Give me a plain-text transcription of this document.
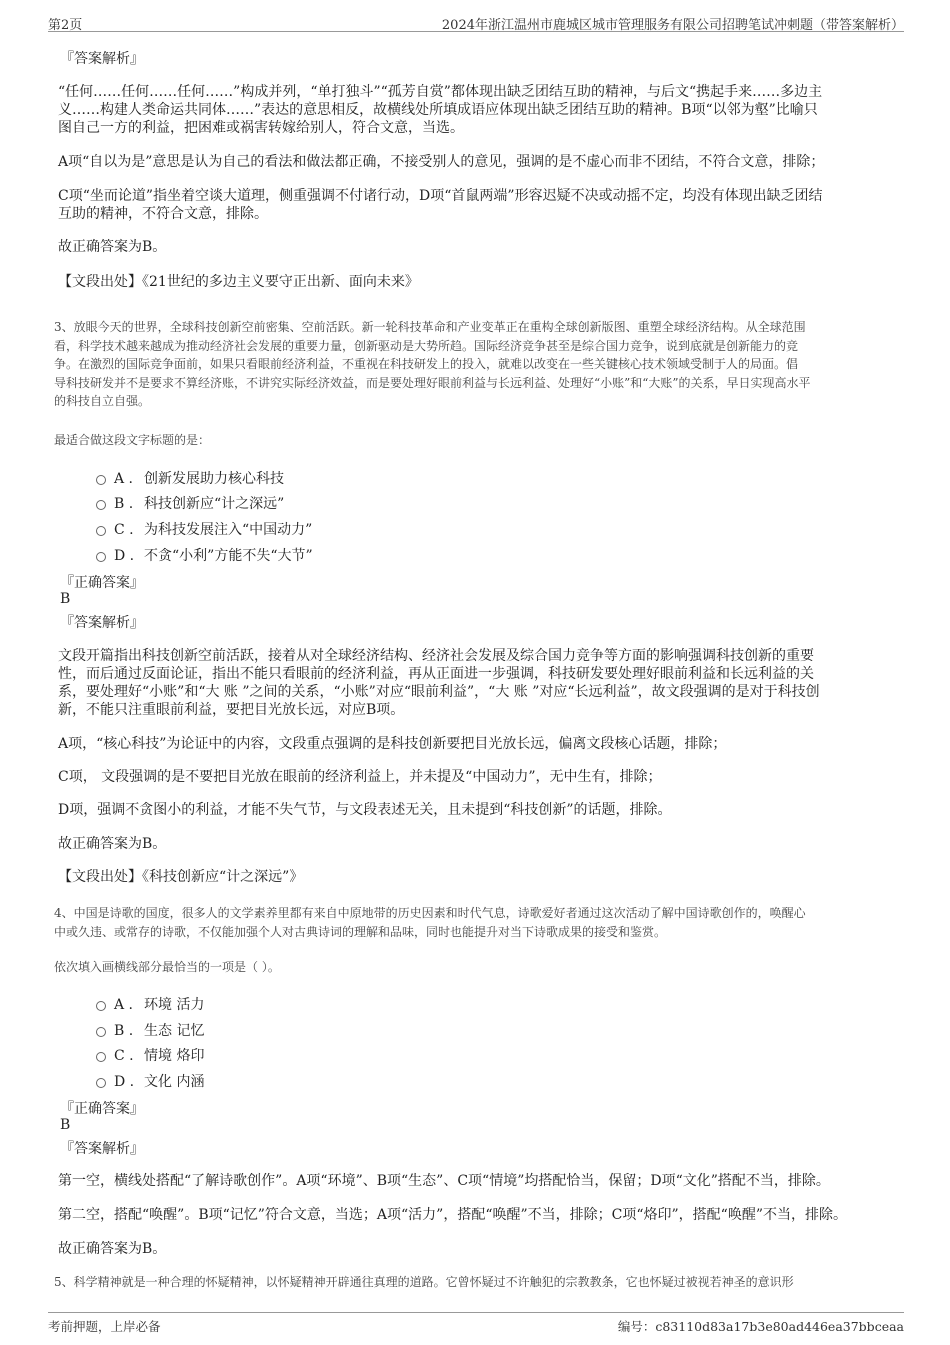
第2页	2024年浙江温州市鹿城区城市管理服务有限公司招聘笔试冲刺题（带答案解析）
『答案解析』
“任何……任何……任何……”构成并列，“单打独斗”“孤芳自赏”都体现出缺乏团结互助的精神，与后文“携起手来……多边主
义……构建人类命运共同体……”表达的意思相反，故横线处所填成语应体现出缺乏团结互助的精神。B项“以邻为壑”比喻只
图自己一方的利益，把困难或祸害转嫁给别人，符合文意，当选。
A项“自以为是”意思是认为自己的看法和做法都正确，不接受别人的意见，强调的是不虚心而非不团结，不符合文意，排除；
C项“坐而论道”指坐着空谈大道理，侧重强调不付诸行动，D项“首鼠两端”形容迟疑不决或动摇不定，均没有体现出缺乏团结
互助的精神，不符合文意，排除。
故正确答案为B。
【文段出处】《21世纪的多边主义要守正出新、面向未来》
3、放眼今天的世界，全球科技创新空前密集、空前活跃。新一轮科技革命和产业变革正在重构全球创新版图、重塑全球经济结构。从全球范围
看，科学技术越来越成为推动经济社会发展的重要力量，创新驱动是大势所趋。国际经济竞争甚至是综合国力竞争，说到底就是创新能力的竞
争。在激烈的国际竞争面前，如果只看眼前经济利益，不重视在科技研发上的投入，就难以改变在一些关键核心技术领域受制于人的局面。倡
导科技研发并不是要求不算经济账，不讲究实际经济效益，而是要处理好眼前利益与长远利益、处理好“小账”和“大账”的关系，早日实现高水平
的科技自立自强。
最适合做这段文字标题的是：
A . 创新发展助力核心科技
B . 科技创新应“计之深远”
C . 为科技发展注入“中国动力”
D . 不贪“小利”方能不失“大节”
『正确答案』
B
『答案解析』
文段开篇指出科技创新空前活跃，接着从对全球经济结构、经济社会发展及综合国力竞争等方面的影响强调科技创新的重要
性，而后通过反面论证，指出不能只看眼前的经济利益，再从正面进一步强调，科技研发要处理好眼前利益和长远利益的关
系，要处理好“小账”和“大 账 ”之间的关系，“小账”对应“眼前利益”，“大 账 ”对应“长远利益”，故文段强调的是对于科技创
新，不能只注重眼前利益，要把目光放长远，对应B项。
A项，“核心科技”为论证中的内容，文段重点强调的是科技创新要把目光放长远，偏离文段核心话题，排除；
C项， 文段强调的是不要把目光放在眼前的经济利益上，并未提及“中国动力”，无中生有，排除；
D项，强调不贪图小的利益，才能不失气节，与文段表述无关，且未提到“科技创新”的话题，排除。
故正确答案为B。
【文段出处】《科技创新应“计之深远”》
4、中国是诗歌的国度，很多人的文学素养里都有来自中原地带的历史因素和时代气息，诗歌爱好者通过这次活动了解中国诗歌创作的，唤醒心
中或久违、或常存的诗歌，不仅能加强个人对古典诗词的理解和品味，同时也能提升对当下诗歌成果的接受和鉴赏。
依次填入画横线部分最恰当的一项是（ ）。
A . 环境 活力
B . 生态 记忆
C . 情境 烙印
D . 文化 内涵
『正确答案』
B
『答案解析』
第一空，横线处搭配“了解诗歌创作”。A项“环境”、B项“生态”、C项“情境”均搭配恰当，保留；D项“文化”搭配不当，排除。
第二空，搭配“唤醒”。B项“记忆”符合文意，当选；A项“活力”，搭配“唤醒”不当，排除；C项“烙印”，搭配“唤醒”不当，排除。
故正确答案为B。
5、科学精神就是一种合理的怀疑精神，以怀疑精神开辟通往真理的道路。它曾怀疑过不许触犯的宗教教条，它也怀疑过被视若神圣的意识形
考前押题，上岸必备	编号：c83110d83a17b3e80ad446ea37bbceaa
